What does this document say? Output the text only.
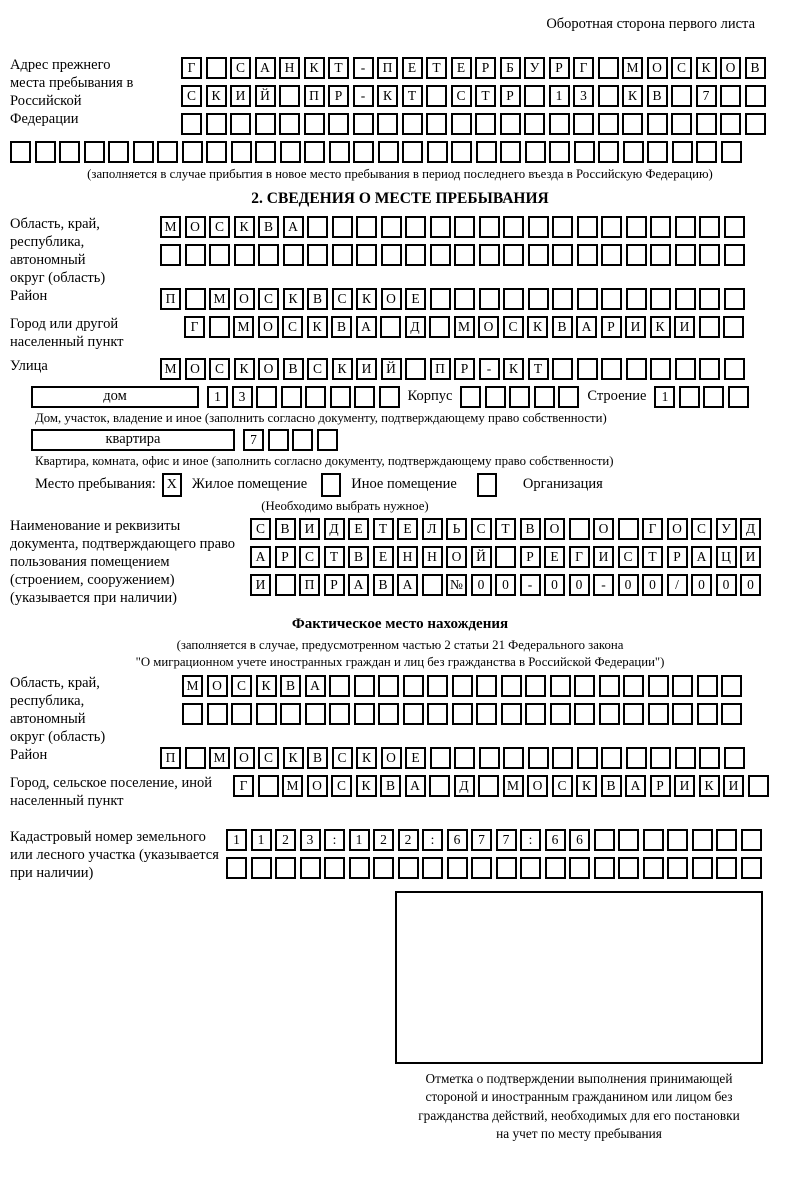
Оборотная сторона первого листа
Адрес прежнего места пребывания в Российской Федерации
Г	С	А	Н	К	Т	-	П	Е	Т	Е	Р	Б	У	Р	Г	М	О	С	К	О	В
С	К	И	Й	П	Р	-	К	Т	С	Т	Р	1	3	К	В	7
(заполняется в случае прибытия в новое место пребывания в период последнего въезда в Российскую Федерацию)
2. СВЕДЕНИЯ О МЕСТЕ ПРЕБЫВАНИЯ
Область, край, республика, автономный округ (область)
М	О	С	К	В	А
Район	П	М	О	С	К	В	С	К	О	Е
Город или другой населенный пункт
Г	М	О	С	К	В	А	Д	М	О	С	К	В	А	Р	И	К	И
Улица	М	О	С	К	О	В	С	К	И	Й	П	Р	-	К	Т
дом	1	3	Корпус	Строение	1
Дом, участок, владение и иное (заполнить согласно документу, подтверждающему право собственности)
квартира	7
Квартира, комната, офис и иное (заполнить согласно документу, подтверждающему право собственности)
Место пребывания: X	Жилое помещение	Иное помещение	Организация
(Необходимо выбрать нужное)
Наименование и реквизиты документа, подтверждающего право пользования помещением (строением, сооружением) (указывается при наличии)
С	В	И	Д	Е	Т	Е	Л	Ь	С	Т	В	О	О	Г	О	С	У	Д
А	Р	С	Т	В	Е	Н	Н	О	Й	Р	Е	Г	И	С	Т	Р	А	Ц	И
И	П	Р	А	В	А	№	0	0	-	0	0	-	0	0	/	0	0	0
Фактическое место нахождения
(заполняется в случае, предусмотренном частью 2 статьи 21 Федерального закона
"О миграционном учете иностранных граждан и лиц без гражданства в Российской Федерации")
Область, край, республика, автономный округ (область)
М	О	С	К	В	А
Район	П	М	О	С	К	В	С	К	О	Е
Город, сельское поселение, иной населенный пункт
Г	М	О	С	К	В	А	Д	М	О	С	К	В	А	Р	И	К	И
Кадастровый номер земельного или лесного участка (указывается при наличии)
1	1	2	3	:	1	2	2	:	6	7	7	:	6	6
Отметка о подтверждении выполнения принимающей
стороной и иностранным гражданином или лицом без
гражданства действий, необходимых для его постановки
на учет по месту пребывания
